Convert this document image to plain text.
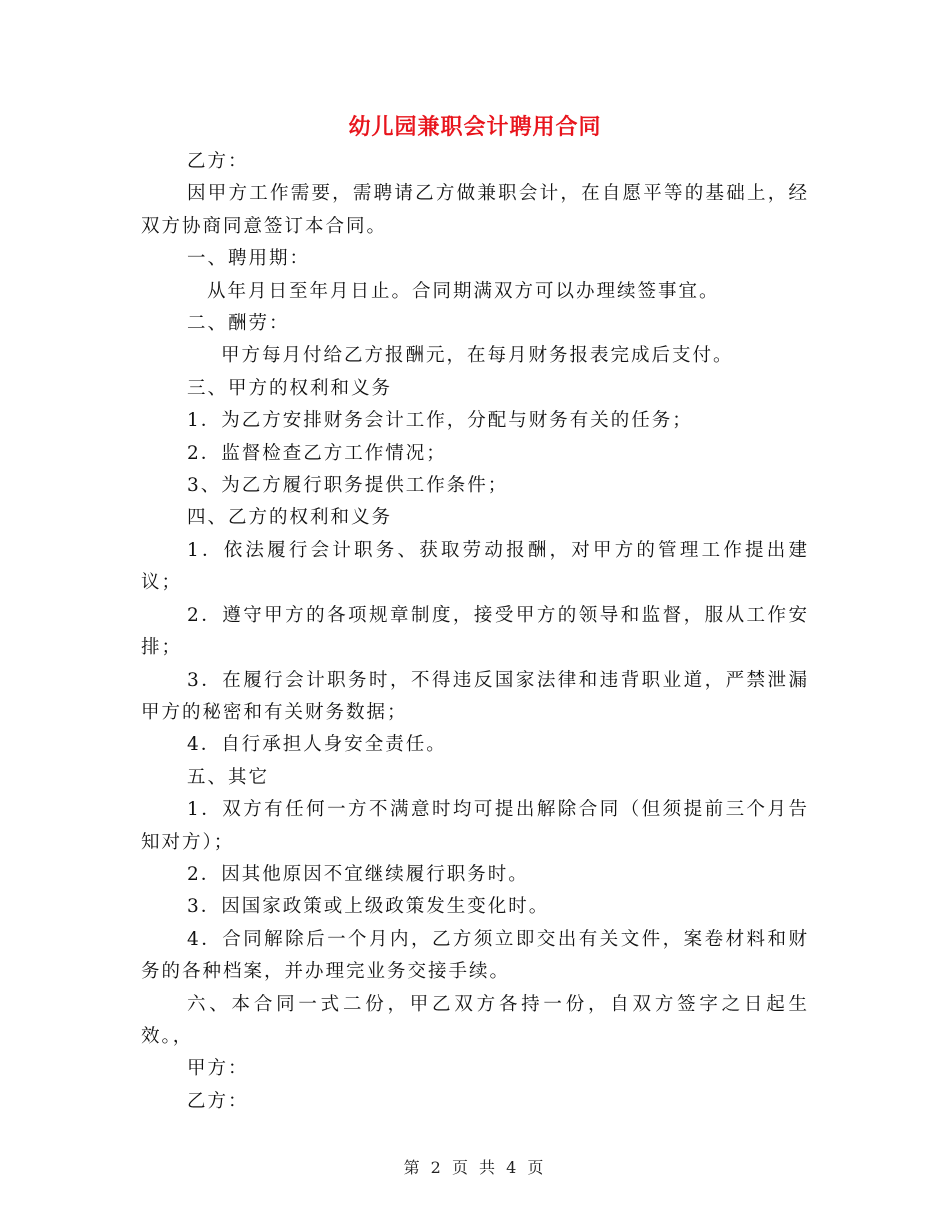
幼儿园兼职会计聘用合同

乙方：

因甲方工作需要，需聘请乙方做兼职会计，在自愿平等的基础上，经双方协商同意签订本合同。

一、聘用期：

从年月日至年月日止。合同期满双方可以办理续签事宜。

二、酬劳：

甲方每月付给乙方报酬元，在每月财务报表完成后支付。

三、甲方的权利和义务

1．为乙方安排财务会计工作，分配与财务有关的任务；

2．监督检查乙方工作情况；

3、为乙方履行职务提供工作条件；

四、乙方的权利和义务

1．依法履行会计职务、获取劳动报酬，对甲方的管理工作提出建议；

2．遵守甲方的各项规章制度，接受甲方的领导和监督，服从工作安排；

3．在履行会计职务时，不得违反国家法律和违背职业道，严禁泄漏甲方的秘密和有关财务数据；

4．自行承担人身安全责任。

五、其它

1．双方有任何一方不满意时均可提出解除合同（但须提前三个月告知对方）；

2．因其他原因不宜继续履行职务时。

3．因国家政策或上级政策发生变化时。

4．合同解除后一个月内，乙方须立即交出有关文件，案卷材料和财务的各种档案，并办理完业务交接手续。

六、本合同一式二份，甲乙双方各持一份，自双方签字之日起生效。，

甲方：

乙方：

第 2 页 共 4 页
